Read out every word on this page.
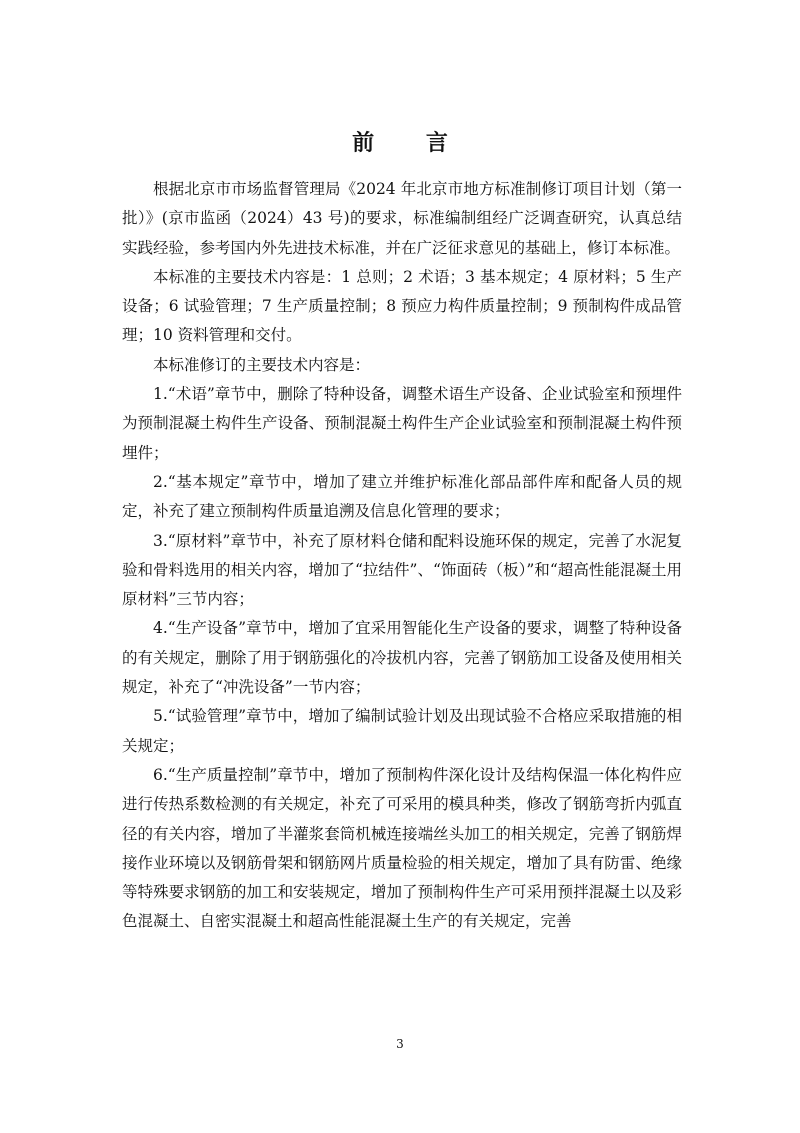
前 言

根据北京市市场监督管理局《2024 年北京市地方标准制修订项目计划（第一批）》(京市监函（2024）43 号)的要求，标准编制组经广泛调查研究，认真总结实践经验，参考国内外先进技术标准，并在广泛征求意见的基础上，修订本标准。

本标准的主要技术内容是：1 总则；2 术语；3 基本规定；4 原材料；5 生产设备；6 试验管理；7 生产质量控制；8 预应力构件质量控制；9 预制构件成品管理；10 资料管理和交付。

本标准修订的主要技术内容是：

1.“术语”章节中，删除了特种设备，调整术语生产设备、企业试验室和预埋件为预制混凝土构件生产设备、预制混凝土构件生产企业试验室和预制混凝土构件预埋件；

2.“基本规定”章节中，增加了建立并维护标准化部品部件库和配备人员的规定，补充了建立预制构件质量追溯及信息化管理的要求；

3.“原材料”章节中，补充了原材料仓储和配料设施环保的规定，完善了水泥复验和骨料选用的相关内容，增加了“拉结件”、“饰面砖（板）”和“超高性能混凝土用原材料”三节内容；

4.“生产设备”章节中，增加了宜采用智能化生产设备的要求，调整了特种设备的有关规定，删除了用于钢筋强化的冷拔机内容，完善了钢筋加工设备及使用相关规定，补充了“冲洗设备”一节内容；

5.“试验管理”章节中，增加了编制试验计划及出现试验不合格应采取措施的相关规定；

6.“生产质量控制”章节中，增加了预制构件深化设计及结构保温一体化构件应进行传热系数检测的有关规定，补充了可采用的模具种类，修改了钢筋弯折内弧直径的有关内容，增加了半灌浆套筒机械连接端丝头加工的相关规定，完善了钢筋焊接作业环境以及钢筋骨架和钢筋网片质量检验的相关规定，增加了具有防雷、绝缘等特殊要求钢筋的加工和安装规定，增加了预制构件生产可采用预拌混凝土以及彩色混凝土、自密实混凝土和超高性能混凝土生产的有关规定，完善

3
